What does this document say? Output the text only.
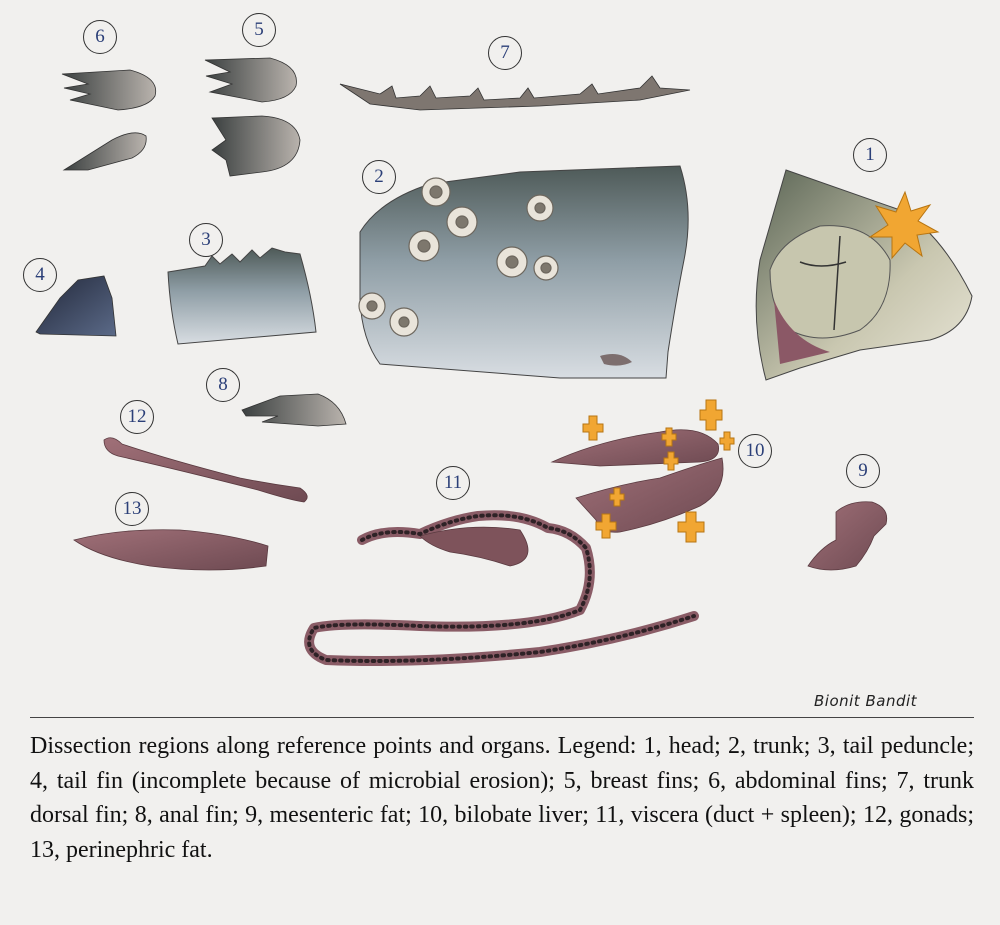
1
2
3
4
5
6
7
8
9
10
11
12
13
Bionit Bandit
Dissection regions along reference points and organs. Legend: 1, head; 2, trunk; 3, tail peduncle; 4, tail fin (incomplete because of microbial erosion); 5, breast fins; 6, abdominal fins; 7, trunk dorsal fin; 8, anal fin; 9, mesenteric fat; 10, bilobate liver; 11, viscera (duct + spleen); 12, gonads; 13, perinephric fat.
